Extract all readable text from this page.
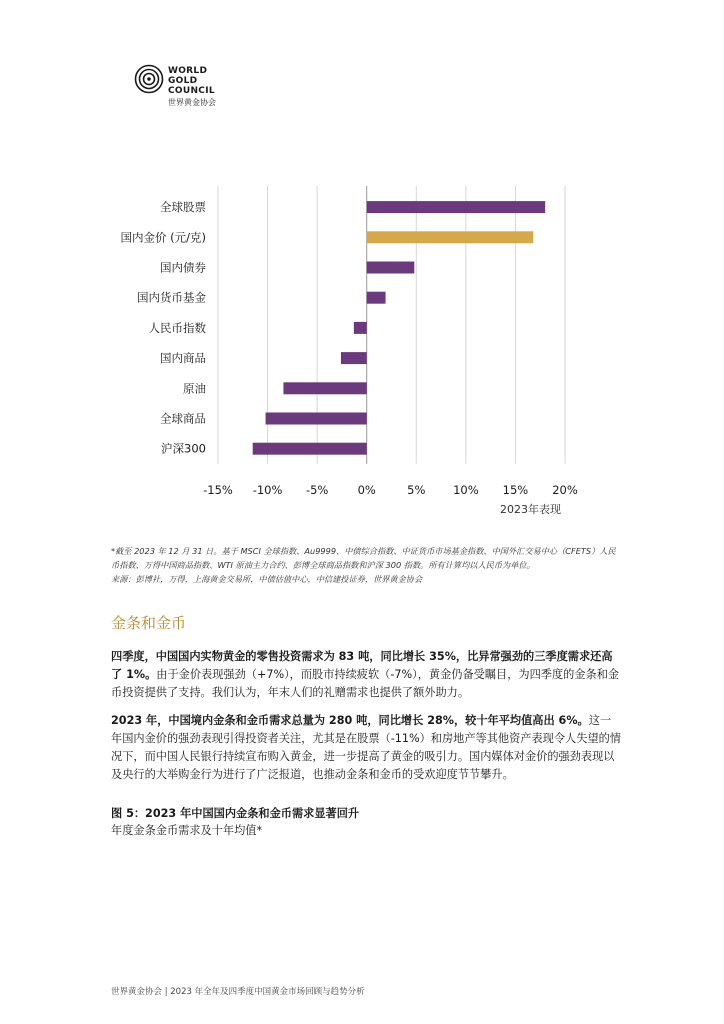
WORLD
GOLD
COUNCIL
世界黄金协会
全球股票
国内金价 (元/克)
国内债券
国内货币基金
人民币指数
国内商品
原油
全球商品
沪深300
-15% -10% -5%	0%	5% 10% 15% 20%
2023年表现
*截至 2023 年 12 月 31 日。基于 MSCI 全球指数、Au9999、中债综合指数、中证货币市场基金指数、中国外汇交易中心（CFETS）人民币指数、万得中国商品指数、WTI 原油主力合约、彭博全球商品指数和沪深 300 指数。所有计算均以人民币为单位。
来源：彭博社，万得，上海黄金交易所，中债估值中心，中信建投证券，世界黄金协会
金条和金币
四季度，中国国内实物黄金的零售投资需求为 83 吨，同比增长 35%，比异常强劲的三季度需求还高了 1%。由于金价表现强劲（+7%），而股市持续疲软（-7%），黄金仍备受瞩目，为四季度的金条和金币投资提供了支持。我们认为，年末人们的礼赠需求也提供了额外助力。
2023 年，中国境内金条和金币需求总量为 280 吨，同比增长 28%，较十年平均值高出 6%。这一年国内金价的强劲表现引得投资者关注，尤其是在股票（-11%）和房地产等其他资产表现令人失望的情况下，而中国人民银行持续宣布购入黄金，进一步提高了黄金的吸引力。国内媒体对金价的强劲表现以及央行的大举购金行为进行了广泛报道，也推动金条和金币的受欢迎度节节攀升。
图 5：2023 年中国国内金条和金币需求显著回升
年度金条金币需求及十年均值*
世界黄金协会 | 2023 年全年及四季度中国黄金市场回顾与趋势分析
